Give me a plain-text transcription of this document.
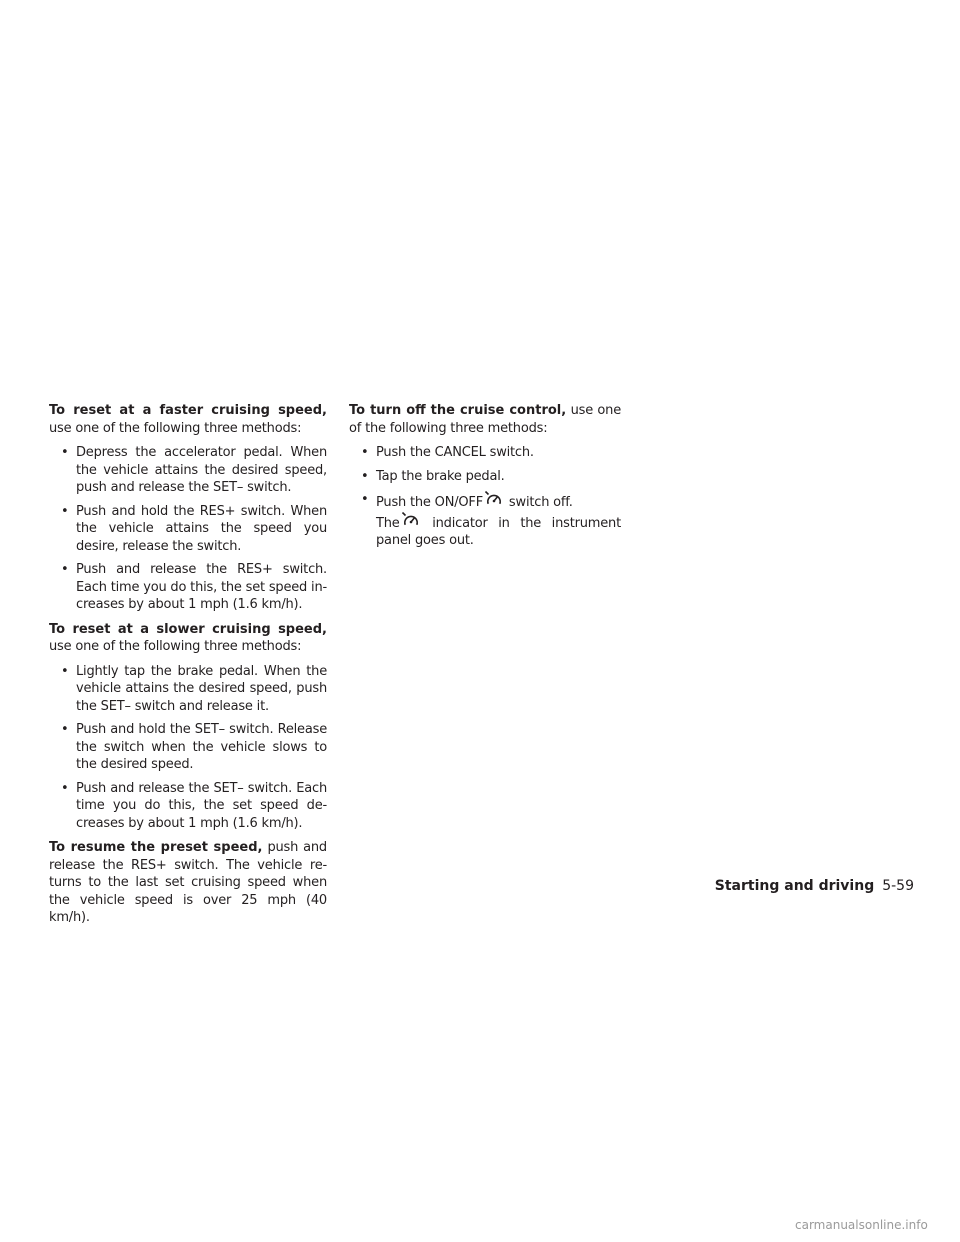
To reset at a faster cruising speed, use one of the following three methods:

• Depress the accelerator pedal. When the vehicle attains the desired speed, push and release the SET– switch.
• Push and hold the RES+ switch. When the vehicle attains the speed you desire, release the switch.
• Push and release the RES+ switch. Each time you do this, the set speed in-creases by about 1 mph (1.6 km/h).

To reset at a slower cruising speed, use one of the following three methods:

• Lightly tap the brake pedal. When the vehicle attains the desired speed, push the SET– switch and release it.
• Push and hold the SET– switch. Release the switch when the vehicle slows to the desired speed.
• Push and release the SET– switch. Each time you do this, the set speed de-creases by about 1 mph (1.6 km/h).

To resume the preset speed, push and release the RES+ switch. The vehicle re-turns to the last set cruising speed when the vehicle speed is over 25 mph (40 km/h).

To turn off the cruise control, use one of the following three methods:

• Push the CANCEL switch.
• Tap the brake pedal.
• Push the ON/OFF switch off.
The indicator in the instrument panel goes out.
Starting and driving 5-59
carmanualsonline.info
